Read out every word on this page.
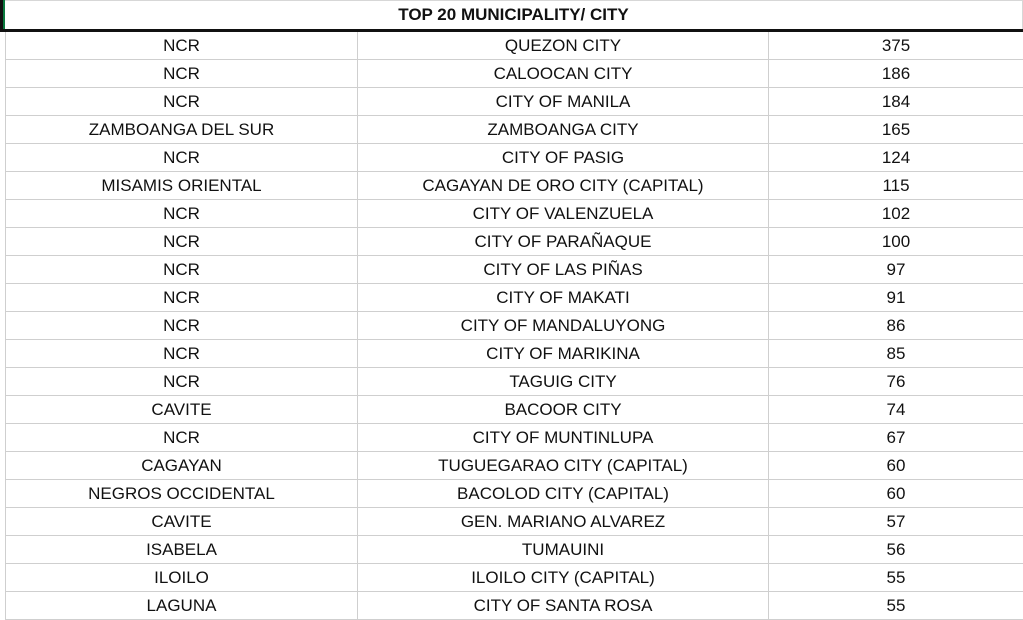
TOP 20 MUNICIPALITY/ CITY
NCR	QUEZON CITY	375
NCR	CALOOCAN CITY	186
NCR	CITY OF MANILA	184
ZAMBOANGA DEL SUR	ZAMBOANGA CITY	165
NCR	CITY OF PASIG	124
MISAMIS ORIENTAL	CAGAYAN DE ORO CITY (CAPITAL)	115
NCR	CITY OF VALENZUELA	102
NCR	CITY OF PARAÑAQUE	100
NCR	CITY OF LAS PIÑAS	97
NCR	CITY OF MAKATI	91
NCR	CITY OF MANDALUYONG	86
NCR	CITY OF MARIKINA	85
NCR	TAGUIG CITY	76
CAVITE	BACOOR CITY	74
NCR	CITY OF MUNTINLUPA	67
CAGAYAN	TUGUEGARAO CITY (CAPITAL)	60
NEGROS OCCIDENTAL	BACOLOD CITY (CAPITAL)	60
CAVITE	GEN. MARIANO ALVAREZ	57
ISABELA	TUMAUINI	56
ILOILO	ILOILO CITY (CAPITAL)	55
LAGUNA	CITY OF SANTA ROSA	55
